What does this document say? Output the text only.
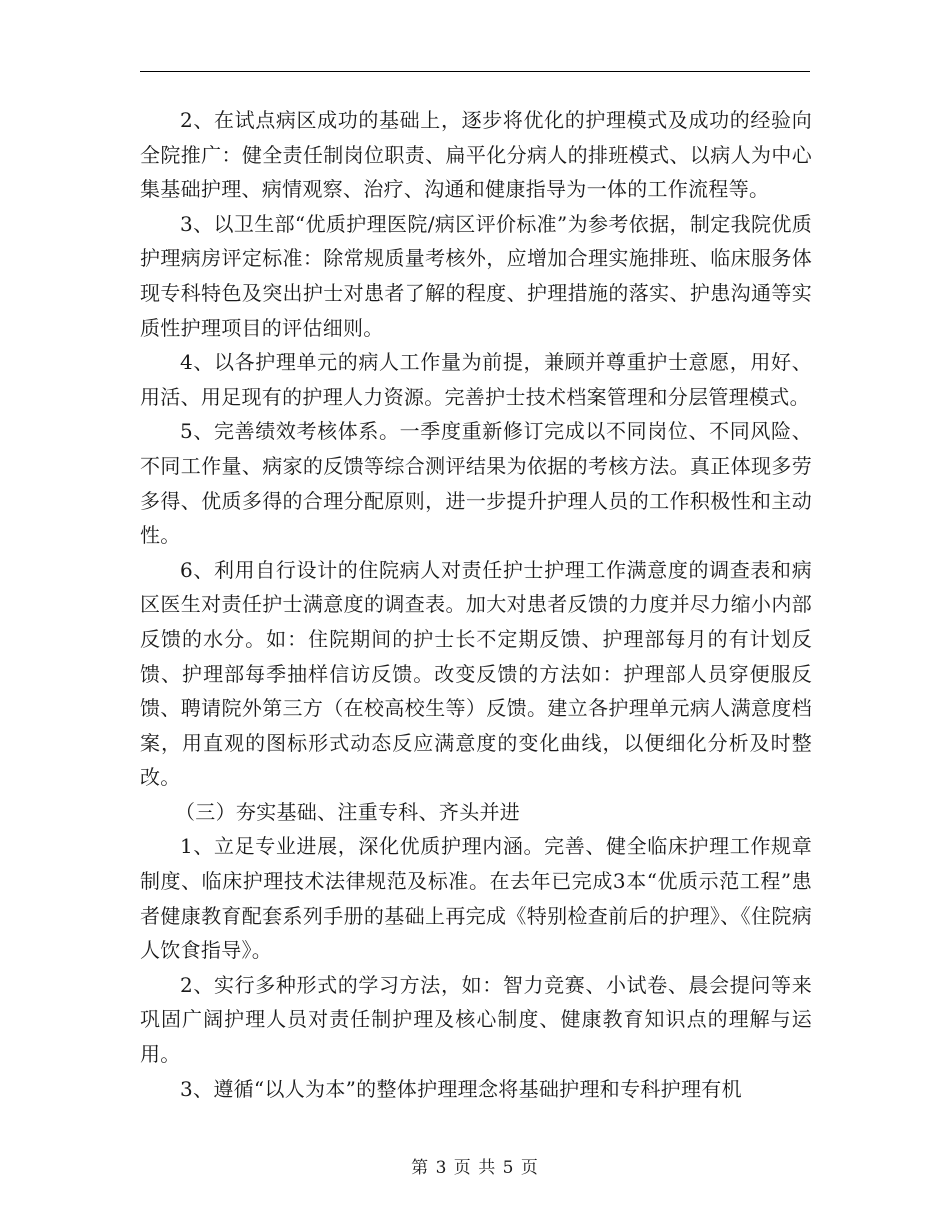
2、在试点病区成功的基础上，逐步将优化的护理模式及成功的经验向全院推广：健全责任制岗位职责、扁平化分病人的排班模式、以病人为中心集基础护理、病情观察、治疗、沟通和健康指导为一体的工作流程等。

3、以卫生部“优质护理医院/病区评价标准”为参考依据，制定我院优质护理病房评定标准：除常规质量考核外，应增加合理实施排班、临床服务体现专科特色及突出护士对患者了解的程度、护理措施的落实、护患沟通等实质性护理项目的评估细则。

4、以各护理单元的病人工作量为前提，兼顾并尊重护士意愿，用好、用活、用足现有的护理人力资源。完善护士技术档案管理和分层管理模式。

5、完善绩效考核体系。一季度重新修订完成以不同岗位、不同风险、不同工作量、病家的反馈等综合测评结果为依据的考核方法。真正体现多劳多得、优质多得的合理分配原则，进一步提升护理人员的工作积极性和主动性。

6、利用自行设计的住院病人对责任护士护理工作满意度的调查表和病区医生对责任护士满意度的调查表。加大对患者反馈的力度并尽力缩小内部反馈的水分。如：住院期间的护士长不定期反馈、护理部每月的有计划反馈、护理部每季抽样信访反馈。改变反馈的方法如：护理部人员穿便服反馈、聘请院外第三方（在校高校生等）反馈。建立各护理单元病人满意度档案，用直观的图标形式动态反应满意度的变化曲线，以便细化分析及时整改。

（三）夯实基础、注重专科、齐头并进

1、立足专业进展，深化优质护理内涵。完善、健全临床护理工作规章制度、临床护理技术法律规范及标准。在去年已完成3本“优质示范工程”患者健康教育配套系列手册的基础上再完成《特别检查前后的护理》、《住院病人饮食指导》。

2、实行多种形式的学习方法，如：智力竞赛、小试卷、晨会提问等来巩固广阔护理人员对责任制护理及核心制度、健康教育知识点的理解与运用。

3、遵循“以人为本”的整体护理理念将基础护理和专科护理有机

第 3 页 共 5 页
